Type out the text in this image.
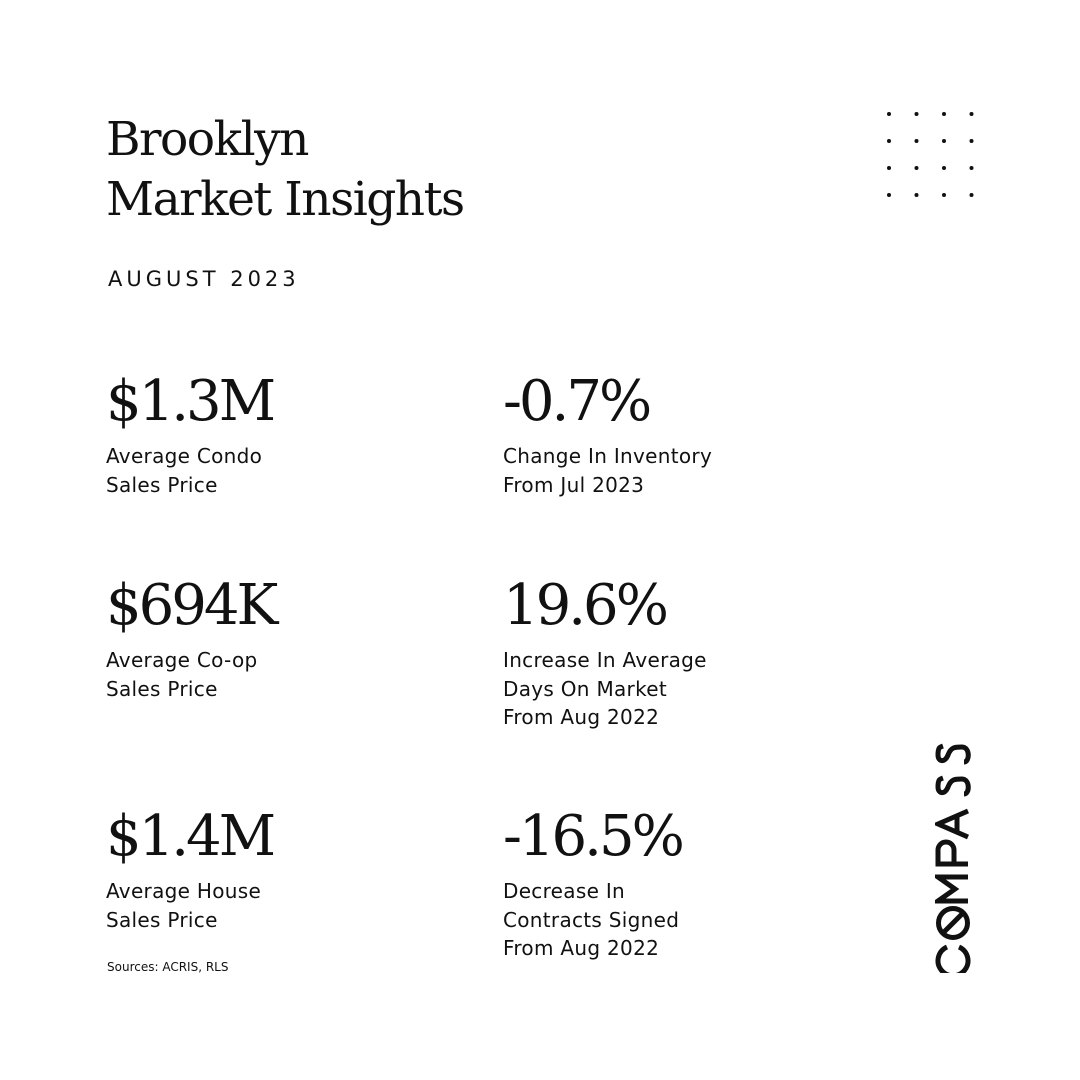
Brooklyn
Market Insights
AUGUST 2023
$1.3M
Average Condo
Sales Price
-0.7%
Change In Inventory
From Jul 2023
$694K
Average Co-op
Sales Price
19.6%
Increase In Average
Days On Market
From Aug 2022
$1.4M
Average House
Sales Price
-16.5%
Decrease In
Contracts Signed
From Aug 2022
Sources: ACRIS, RLS
